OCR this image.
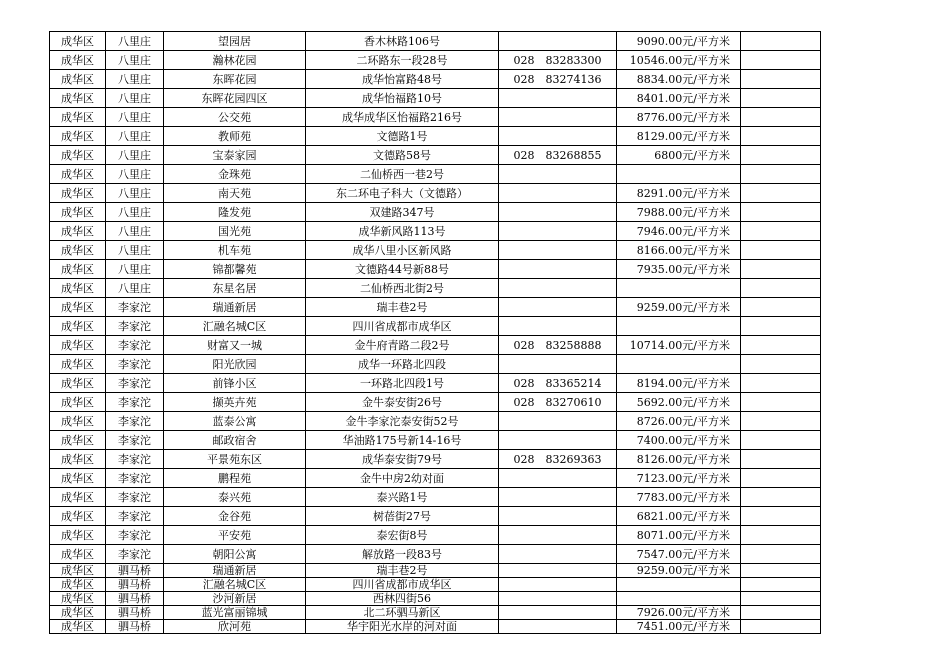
成华区	八里庄	望园居	香木林路106号		9090.00元/平方米	
成华区	八里庄	瀚林花园	二环路东一段28号	028　83283300	10546.00元/平方米	
成华区	八里庄	东晖花园	成华怡富路48号	028　83274136	8834.00元/平方米	
成华区	八里庄	东晖花园四区	成华怡福路10号		8401.00元/平方米	
成华区	八里庄	公交苑	成华成华区怡福路216号		8776.00元/平方米	
成华区	八里庄	教师苑	文德路1号		8129.00元/平方米	
成华区	八里庄	宝泰家园	文德路58号	028　83268855	6800元/平方米	
成华区	八里庄	金珠苑	二仙桥西一巷2号			
成华区	八里庄	南天苑	东二环电子科大（文德路）		8291.00元/平方米	
成华区	八里庄	隆发苑	双建路347号		7988.00元/平方米	
成华区	八里庄	国光苑	成华新风路113号		7946.00元/平方米	
成华区	八里庄	机车苑	成华八里小区新风路		8166.00元/平方米	
成华区	八里庄	锦都馨苑	文德路44号新88号		7935.00元/平方米	
成华区	八里庄	东星名居	二仙桥西北街2号			
成华区	李家沱	瑞通新居	瑞丰巷2号		9259.00元/平方米	
成华区	李家沱	汇融名城C区	四川省成都市成华区			
成华区	李家沱	财富又一城	金牛府青路二段2号	028　83258888	10714.00元/平方米	
成华区	李家沱	阳光欣园	成华一环路北四段			
成华区	李家沱	前锋小区	一环路北四段1号	028　83365214	8194.00元/平方米	
成华区	李家沱	撷英卉苑	金牛泰安街26号	028　83270610	5692.00元/平方米	
成华区	李家沱	蓝泰公寓	金牛李家沱泰安街52号		8726.00元/平方米	
成华区	李家沱	邮政宿舍	华油路175号新14-16号		7400.00元/平方米	
成华区	李家沱	平景苑东区	成华泰安街79号	028　83269363	8126.00元/平方米	
成华区	李家沱	鹏程苑	金牛中房2幼对面		7123.00元/平方米	
成华区	李家沱	泰兴苑	泰兴路1号		7783.00元/平方米	
成华区	李家沱	金谷苑	树蓓街27号		6821.00元/平方米	
成华区	李家沱	平安苑	泰宏街8号		8071.00元/平方米	
成华区	李家沱	朝阳公寓	解放路一段83号		7547.00元/平方米	
成华区	驷马桥	瑞通新居	瑞丰巷2号		9259.00元/平方米	
成华区	驷马桥	汇融名城C区	四川省成都市成华区			
成华区	驷马桥	沙河新居	西林四街56			
成华区	驷马桥	蓝光富丽锦城	北二环驷马新区		7926.00元/平方米	
成华区	驷马桥	欣河苑	华宇阳光水岸的河对面		7451.00元/平方米	
